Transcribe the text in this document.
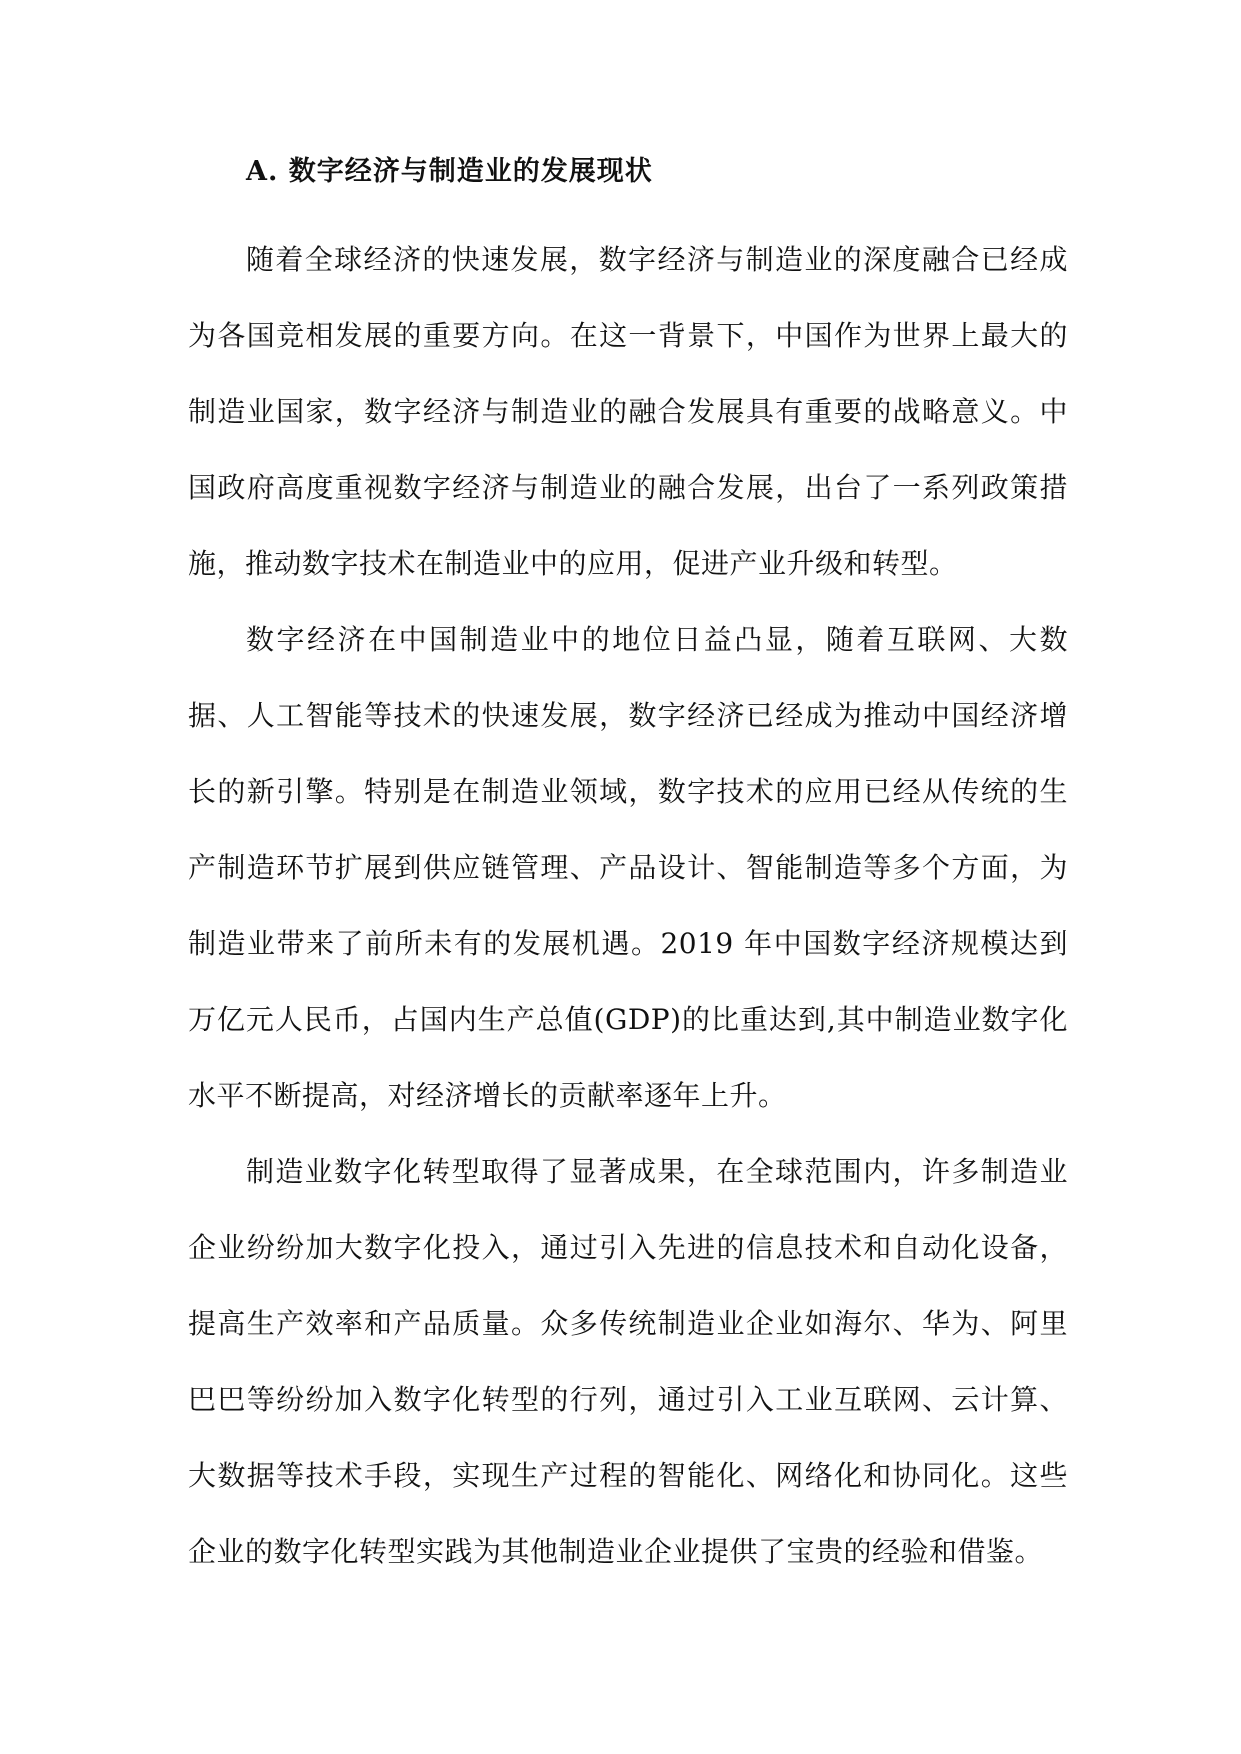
A. 数字经济与制造业的发展现状

随着全球经济的快速发展，数字经济与制造业的深度融合已经成为各国竞相发展的重要方向。在这一背景下，中国作为世界上最大的制造业国家，数字经济与制造业的融合发展具有重要的战略意义。中国政府高度重视数字经济与制造业的融合发展，出台了一系列政策措施，推动数字技术在制造业中的应用，促进产业升级和转型。

数字经济在中国制造业中的地位日益凸显，随着互联网、大数据、人工智能等技术的快速发展，数字经济已经成为推动中国经济增长的新引擎。特别是在制造业领域，数字技术的应用已经从传统的生产制造环节扩展到供应链管理、产品设计、智能制造等多个方面，为制造业带来了前所未有的发展机遇。2019 年中国数字经济规模达到万亿元人民币，占国内生产总值(GDP)的比重达到,其中制造业数字化水平不断提高，对经济增长的贡献率逐年上升。

制造业数字化转型取得了显著成果，在全球范围内，许多制造业企业纷纷加大数字化投入，通过引入先进的信息技术和自动化设备，提高生产效率和产品质量。众多传统制造业企业如海尔、华为、阿里巴巴等纷纷加入数字化转型的行列，通过引入工业互联网、云计算、大数据等技术手段，实现生产过程的智能化、网络化和协同化。这些企业的数字化转型实践为其他制造业企业提供了宝贵的经验和借鉴。
